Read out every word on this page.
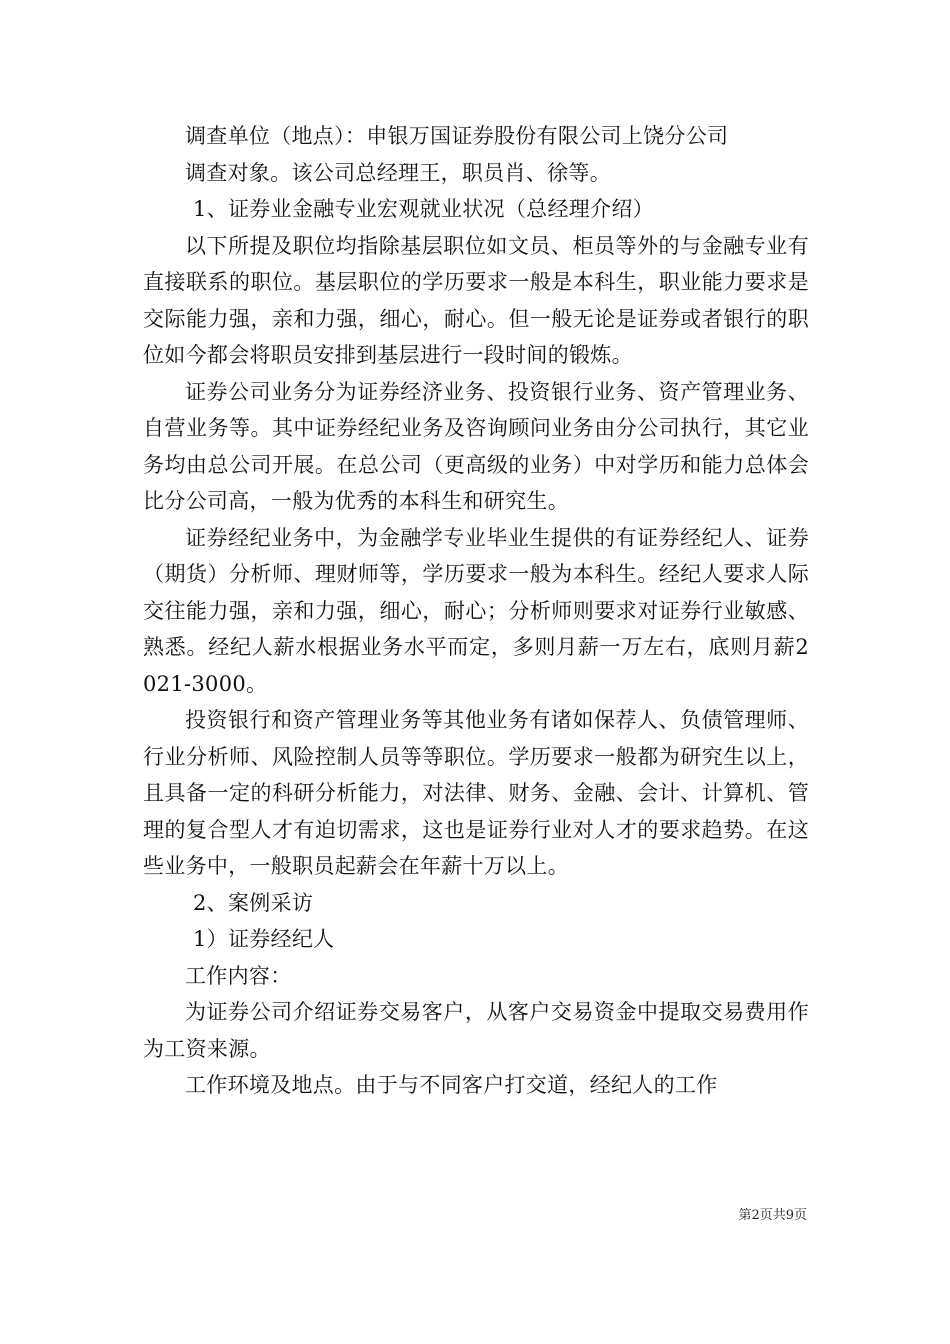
调查单位（地点）：申银万国证券股份有限公司上饶分公司

调查对象。该公司总经理王，职员肖、徐等。

1、证券业金融专业宏观就业状况（总经理介绍）

以下所提及职位均指除基层职位如文员、柜员等外的与金融专业有直接联系的职位。基层职位的学历要求一般是本科生，职业能力要求是交际能力强，亲和力强，细心，耐心。但一般无论是证券或者银行的职位如今都会将职员安排到基层进行一段时间的锻炼。

证券公司业务分为证券经济业务、投资银行业务、资产管理业务、自营业务等。其中证券经纪业务及咨询顾问业务由分公司执行，其它业务均由总公司开展。在总公司（更高级的业务）中对学历和能力总体会比分公司高，一般为优秀的本科生和研究生。

证券经纪业务中，为金融学专业毕业生提供的有证券经纪人、证券（期货）分析师、理财师等，学历要求一般为本科生。经纪人要求人际交往能力强，亲和力强，细心，耐心；分析师则要求对证券行业敏感、熟悉。经纪人薪水根据业务水平而定，多则月薪一万左右，底则月薪2021-3000。

投资银行和资产管理业务等其他业务有诸如保荐人、负债管理师、行业分析师、风险控制人员等等职位。学历要求一般都为研究生以上，且具备一定的科研分析能力，对法律、财务、金融、会计、计算机、管理的复合型人才有迫切需求，这也是证券行业对人才的要求趋势。在这些业务中，一般职员起薪会在年薪十万以上。

2、案例采访

1）证券经纪人

工作内容：

为证券公司介绍证券交易客户，从客户交易资金中提取交易费用作为工资来源。

工作环境及地点。由于与不同客户打交道，经纪人的工作

第2页共9页
